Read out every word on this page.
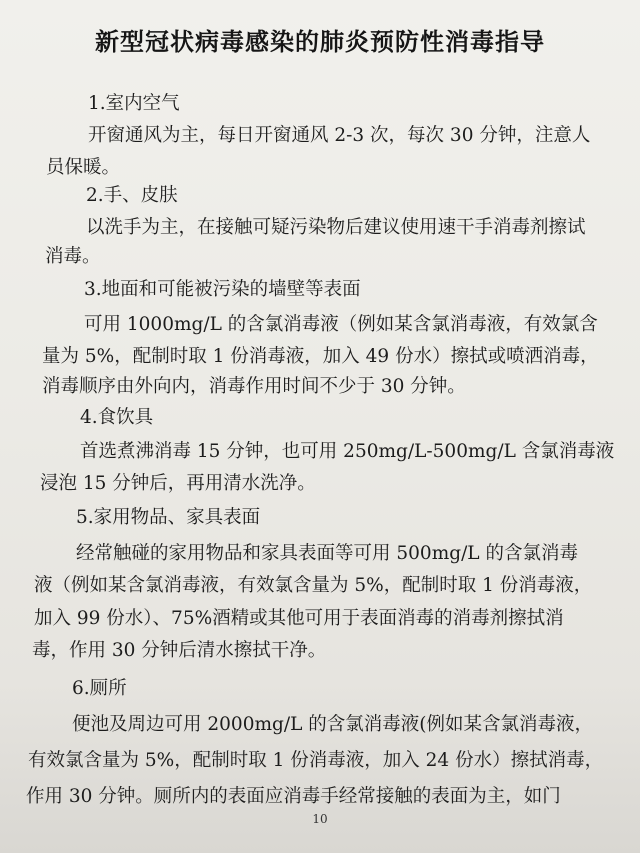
新型冠状病毒感染的肺炎预防性消毒指导
1.室内空气
开窗通风为主，每日开窗通风 2-3 次，每次 30 分钟，注意人
员保暖。
2.手、皮肤
以洗手为主，在接触可疑污染物后建议使用速干手消毒剂擦试
消毒。
3.地面和可能被污染的墙壁等表面
可用 1000mg/L 的含氯消毒液（例如某含氯消毒液，有效氯含
量为 5%，配制时取 1 份消毒液，加入 49 份水）擦拭或喷洒消毒，
消毒顺序由外向内，消毒作用时间不少于 30 分钟。
4.食饮具
首选煮沸消毒 15 分钟，也可用 250mg/L-500mg/L 含氯消毒液
浸泡 15 分钟后，再用清水洗净。
5.家用物品、家具表面
经常触碰的家用物品和家具表面等可用 500mg/L 的含氯消毒
液（例如某含氯消毒液，有效氯含量为 5%，配制时取 1 份消毒液，
加入 99 份水）、75%酒精或其他可用于表面消毒的消毒剂擦拭消
毒，作用 30 分钟后清水擦拭干净。
6.厕所
便池及周边可用 2000mg/L 的含氯消毒液(例如某含氯消毒液，
有效氯含量为 5%，配制时取 1 份消毒液，加入 24 份水）擦拭消毒，
作用 30 分钟。厕所内的表面应消毒手经常接触的表面为主，如门
10
